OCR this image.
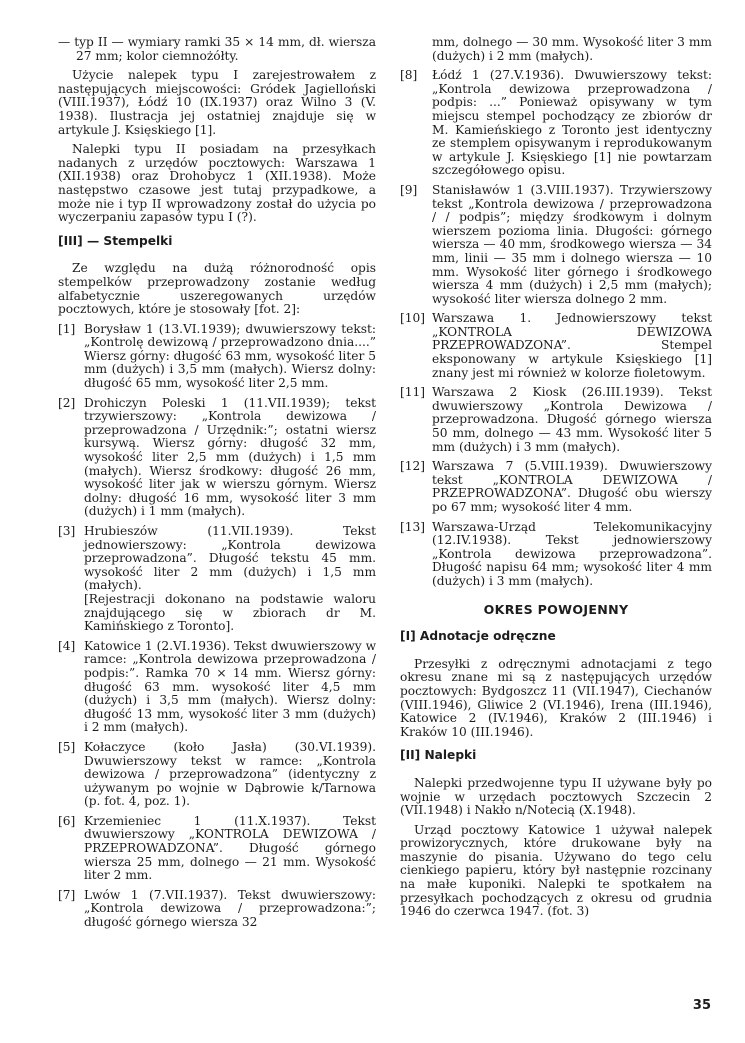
— typ II — wymiary ramki 35 × 14 mm, dł. wiersza 27 mm; kolor ciemnożółty.

Użycie nalepek typu I zarejestrowałem z następujących miejscowości: Gródek Jagielloński (VIII.1937), Łódź 10 (IX.1937) oraz Wilno 3 (V. 1938). Ilustracja jej ostatniej znajduje się w artykule J. Księskiego [1].

Nalepki typu II posiadam na przesyłkach nadanych z urzędów pocztowych: Warszawa 1 (XII.1938) oraz Drohobycz 1 (XII.1938). Może następstwo czasowe jest tutaj przypadkowe, a może nie i typ II wprowadzony został do użycia po wyczerpaniu zapasów typu I (?).

[III] — Stempelki

Ze względu na dużą różnorodność opis stempelków przeprowadzony zostanie według alfabetycznie uszeregowanych urzędów pocztowych, które je stosowały [fot. 2]:

[1] Borysław 1 (13.VI.1939); dwuwierszowy tekst: „Kontrolę dewizową / przeprowadzono dnia....” Wiersz górny: długość 63 mm, wysokość liter 5 mm (dużych) i 3,5 mm (małych). Wiersz dolny: długość 65 mm, wysokość liter 2,5 mm.
[2] Drohiczyn Poleski 1 (11.VII.1939); tekst trzywierszowy: „Kontrola dewizowa / przeprowadzona / Urzędnik:”; ostatni wiersz kursywą. Wiersz górny: długość 32 mm, wysokość liter 2,5 mm (dużych) i 1,5 mm (małych). Wiersz środkowy: długość 26 mm, wysokość liter jak w wierszu górnym. Wiersz dolny: długość 16 mm, wysokość liter 3 mm (dużych) i 1 mm (małych).
[3] Hrubieszów (11.VII.1939). Tekst jednowierszowy: „Kontrola dewizowa przeprowadzona”. Długość tekstu 45 mm. wysokość liter 2 mm (dużych) i 1,5 mm (małych).
[Rejestracji dokonano na podstawie waloru znajdującego się w zbiorach dr M. Kamińskiego z Toronto].
[4] Katowice 1 (2.VI.1936). Tekst dwuwierszowy w ramce: „Kontrola dewizowa przeprowadzona / podpis:”. Ramka 70 × 14 mm. Wiersz górny: długość 63 mm. wysokość liter 4,5 mm (dużych) i 3,5 mm (małych). Wiersz dolny: długość 13 mm, wysokość liter 3 mm (dużych) i 2 mm (małych).
[5] Kołaczyce (koło Jasła) (30.VI.1939). Dwuwierszowy tekst w ramce: „Kontrola dewizowa / przeprowadzona” (identyczny z używanym po wojnie w Dąbrowie k/Tarnowa (p. fot. 4, poz. 1).
[6] Krzemieniec 1 (11.X.1937). Tekst dwuwierszowy „KONTROLA DEWIZOWA / PRZEPROWADZONA”. Długość górnego wiersza 25 mm, dolnego — 21 mm. Wysokość liter 2 mm.
[7] Lwów 1 (7.VII.1937). Tekst dwuwierszowy: „Kontrola dewizowa / przeprowadzona:”; długość górnego wiersza 32

mm, dolnego — 30 mm. Wysokość liter 3 mm (dużych) i 2 mm (małych).

[8]	Łódź 1 (27.V.1936). Dwuwierszowy tekst: „Kontrola dewizowa przeprowadzona / podpis: ...” Ponieważ opisywany w tym miejscu stempel pochodzący ze zbiorów dr M. Kamieńskiego z Toronto jest identyczny ze stemplem opisywanym i reprodukowanym w artykule J. Księskiego [1] nie powtarzam szczegółowego opisu.
[9]	Stanisławów 1 (3.VIII.1937). Trzywierszowy tekst „Kontrola dewizowa / przeprowadzona / / podpis”; między środkowym i dolnym wierszem pozioma linia. Długości: górnego wiersza — 40 mm, środkowego wiersza — 34 mm, linii — 35 mm i dolnego wiersza — 10 mm. Wysokość liter górnego i środkowego wiersza 4 mm (dużych) i 2,5 mm (małych); wysokość liter wiersza dolnego 2 mm.
[10] Warszawa 1. Jednowierszowy tekst „KONTROLA DEWIZOWA PRZEPROWADZONA”. Stempel eksponowany w artykule Księskiego [1] znany jest mi również w kolorze fioletowym.
[11] Warszawa 2 Kiosk (26.III.1939). Tekst dwuwierszowy „Kontrola Dewizowa / przeprowadzona. Długość górnego wiersza 50 mm, dolnego — 43 mm. Wysokość liter 5 mm (dużych) i 3 mm (małych).
[12] Warszawa 7 (5.VIII.1939). Dwuwierszowy tekst „KONTROLA DEWIZOWA / PRZEPROWADZONA”. Długość obu wierszy po 67 mm; wysokość liter 4 mm.
[13] Warszawa-Urząd Telekomunikacyjny (12.IV.1938). Tekst jednowierszowy „Kontrola dewizowa przeprowadzona”. Długość napisu 64 mm; wysokość liter 4 mm (dużych) i 3 mm (małych).
OKRES POWOJENNY
[I] Adnotacje odręczne

Przesyłki z odręcznymi adnotacjami z tego okresu znane mi są z następujących urzędów pocztowych: Bydgoszcz 11 (VII.1947), Ciechanów (VIII.1946), Gliwice 2 (VI.1946), Irena (III.1946), Katowice 2 (IV.1946), Kraków 2 (III.1946) i Kraków 10 (III.1946).

[II] Nalepki

Nalepki przedwojenne typu II używane były po wojnie w urzędach pocztowych Szczecin 2 (VII.1948) i Nakło n/Notecią (X.1948).

Urząd pocztowy Katowice 1 używał nalepek prowizorycznych, które drukowane były na maszynie do pisania. Używano do tego celu cienkiego papieru, który był następnie rozcinany na małe kuponiki. Nalepki te spotkałem na przesyłkach pochodzących z okresu od grudnia 1946 do czerwca 1947. (fot. 3)

35
